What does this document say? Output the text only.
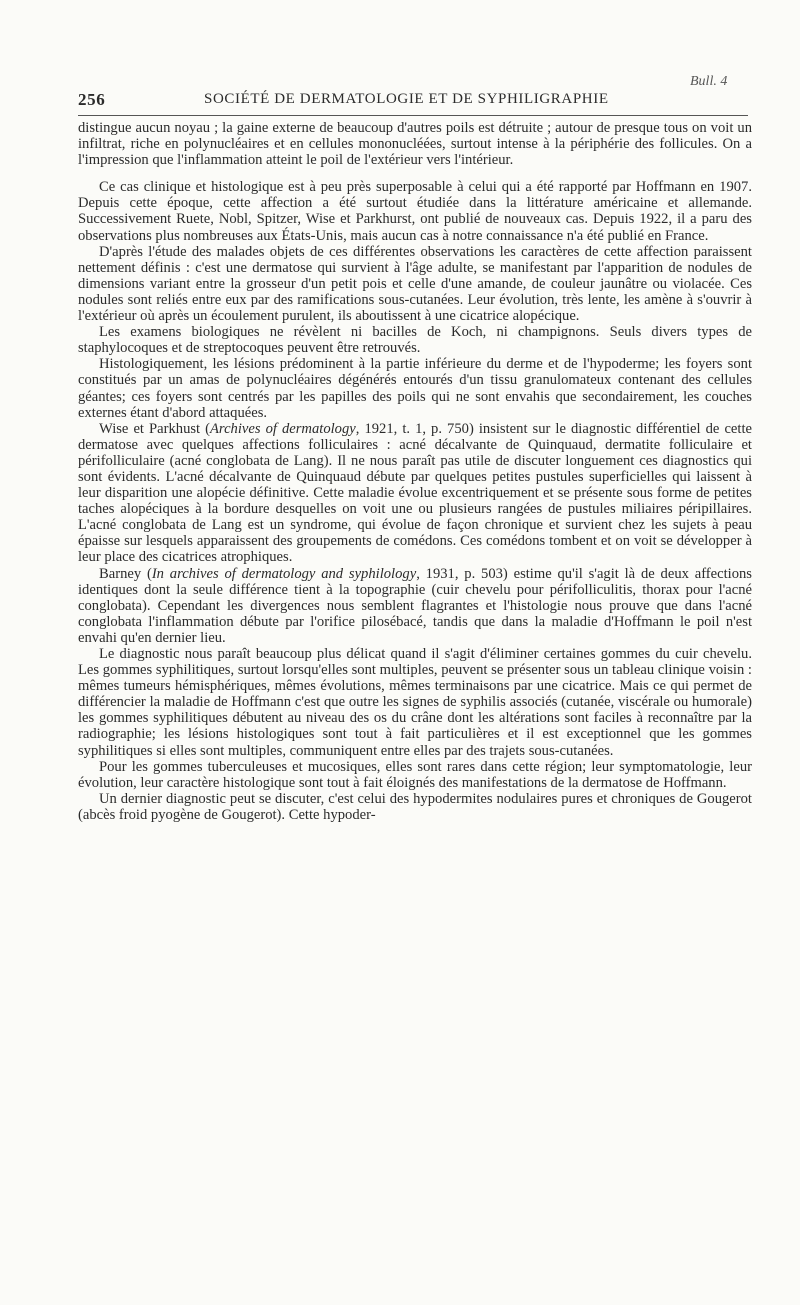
Bull. 4
256	SOCIÉTÉ DE DERMATOLOGIE ET DE SYPHILIGRAPHIE

distingue aucun noyau ; la gaine externe de beaucoup d'autres poils est détruite ; autour de presque tous on voit un infiltrat, riche en polynucléaires et en cellules mononucléées, surtout intense à la périphérie des follicules. On a l'impression que l'inflammation atteint le poil de l'extérieur vers l'intérieur.

Ce cas clinique et histologique est à peu près superposable à celui qui a été rapporté par Hoffmann en 1907. Depuis cette époque, cette affection a été surtout étudiée dans la littérature américaine et allemande. Successivement Ruete, Nobl, Spitzer, Wise et Parkhurst, ont publié de nouveaux cas. Depuis 1922, il a paru des observations plus nombreuses aux États-Unis, mais aucun cas à notre connaissance n'a été publié en France.

D'après l'étude des malades objets de ces différentes observations les caractères de cette affection paraissent nettement définis : c'est une dermatose qui survient à l'âge adulte, se manifestant par l'apparition de nodules de dimensions variant entre la grosseur d'un petit pois et celle d'une amande, de couleur jaunâtre ou violacée. Ces nodules sont reliés entre eux par des ramifications sous-cutanées. Leur évolution, très lente, les amène à s'ouvrir à l'extérieur où après un écoulement purulent, ils aboutissent à une cicatrice alopécique.

Les examens biologiques ne révèlent ni bacilles de Koch, ni champignons. Seuls divers types de staphylocoques et de streptocoques peuvent être retrouvés.

Histologiquement, les lésions prédominent à la partie inférieure du derme et de l'hypoderme; les foyers sont constitués par un amas de polynucléaires dégénérés entourés d'un tissu granulomateux contenant des cellules géantes; ces foyers sont centrés par les papilles des poils qui ne sont envahis que secondairement, les couches externes étant d'abord attaquées.

Wise et Parkhust (Archives of dermatology, 1921, t. 1, p. 750) insistent sur le diagnostic différentiel de cette dermatose avec quelques affections folliculaires : acné décalvante de Quinquaud, dermatite folliculaire et périfolliculaire (acné conglobata de Lang). Il ne nous paraît pas utile de discuter longuement ces diagnostics qui sont évidents. L'acné décalvante de Quinquaud débute par quelques petites pustules superficielles qui laissent à leur disparition une alopécie définitive. Cette maladie évolue excentriquement et se présente sous forme de petites taches alopéciques à la bordure desquelles on voit une ou plusieurs rangées de pustules miliaires péripillaires. L'acné conglobata de Lang est un syndrome, qui évolue de façon chronique et survient chez les sujets à peau épaisse sur lesquels apparaissent des groupements de comédons. Ces comédons tombent et on voit se développer à leur place des cicatrices atrophiques.

Barney (In archives of dermatology and syphilology, 1931, p. 503) estime qu'il s'agit là de deux affections identiques dont la seule différence tient à la topographie (cuir chevelu pour périfolliculitis, thorax pour l'acné conglobata). Cependant les divergences nous semblent flagrantes et l'histologie nous prouve que dans l'acné conglobata l'inflammation débute par l'orifice pilosébacé, tandis que dans la maladie d'Hoffmann le poil n'est envahi qu'en dernier lieu.

Le diagnostic nous paraît beaucoup plus délicat quand il s'agit d'éliminer certaines gommes du cuir chevelu. Les gommes syphilitiques, surtout lorsqu'elles sont multiples, peuvent se présenter sous un tableau clinique voisin : mêmes tumeurs hémisphériques, mêmes évolutions, mêmes terminaisons par une cicatrice. Mais ce qui permet de différencier la maladie de Hoffmann c'est que outre les signes de syphilis associés (cutanée, viscérale ou humorale) les gommes syphilitiques débutent au niveau des os du crâne dont les altérations sont faciles à reconnaître par la radiographie; les lésions histologiques sont tout à fait particulières et il est exceptionnel que les gommes syphilitiques si elles sont multiples, communiquent entre elles par des trajets sous-cutanées.

Pour les gommes tuberculeuses et mucosiques, elles sont rares dans cette région; leur symptomatologie, leur évolution, leur caractère histologique sont tout à fait éloignés des manifestations de la dermatose de Hoffmann.

Un dernier diagnostic peut se discuter, c'est celui des hypodermites nodulaires pures et chroniques de Gougerot (abcès froid pyogène de Gougerot). Cette hypoder-
